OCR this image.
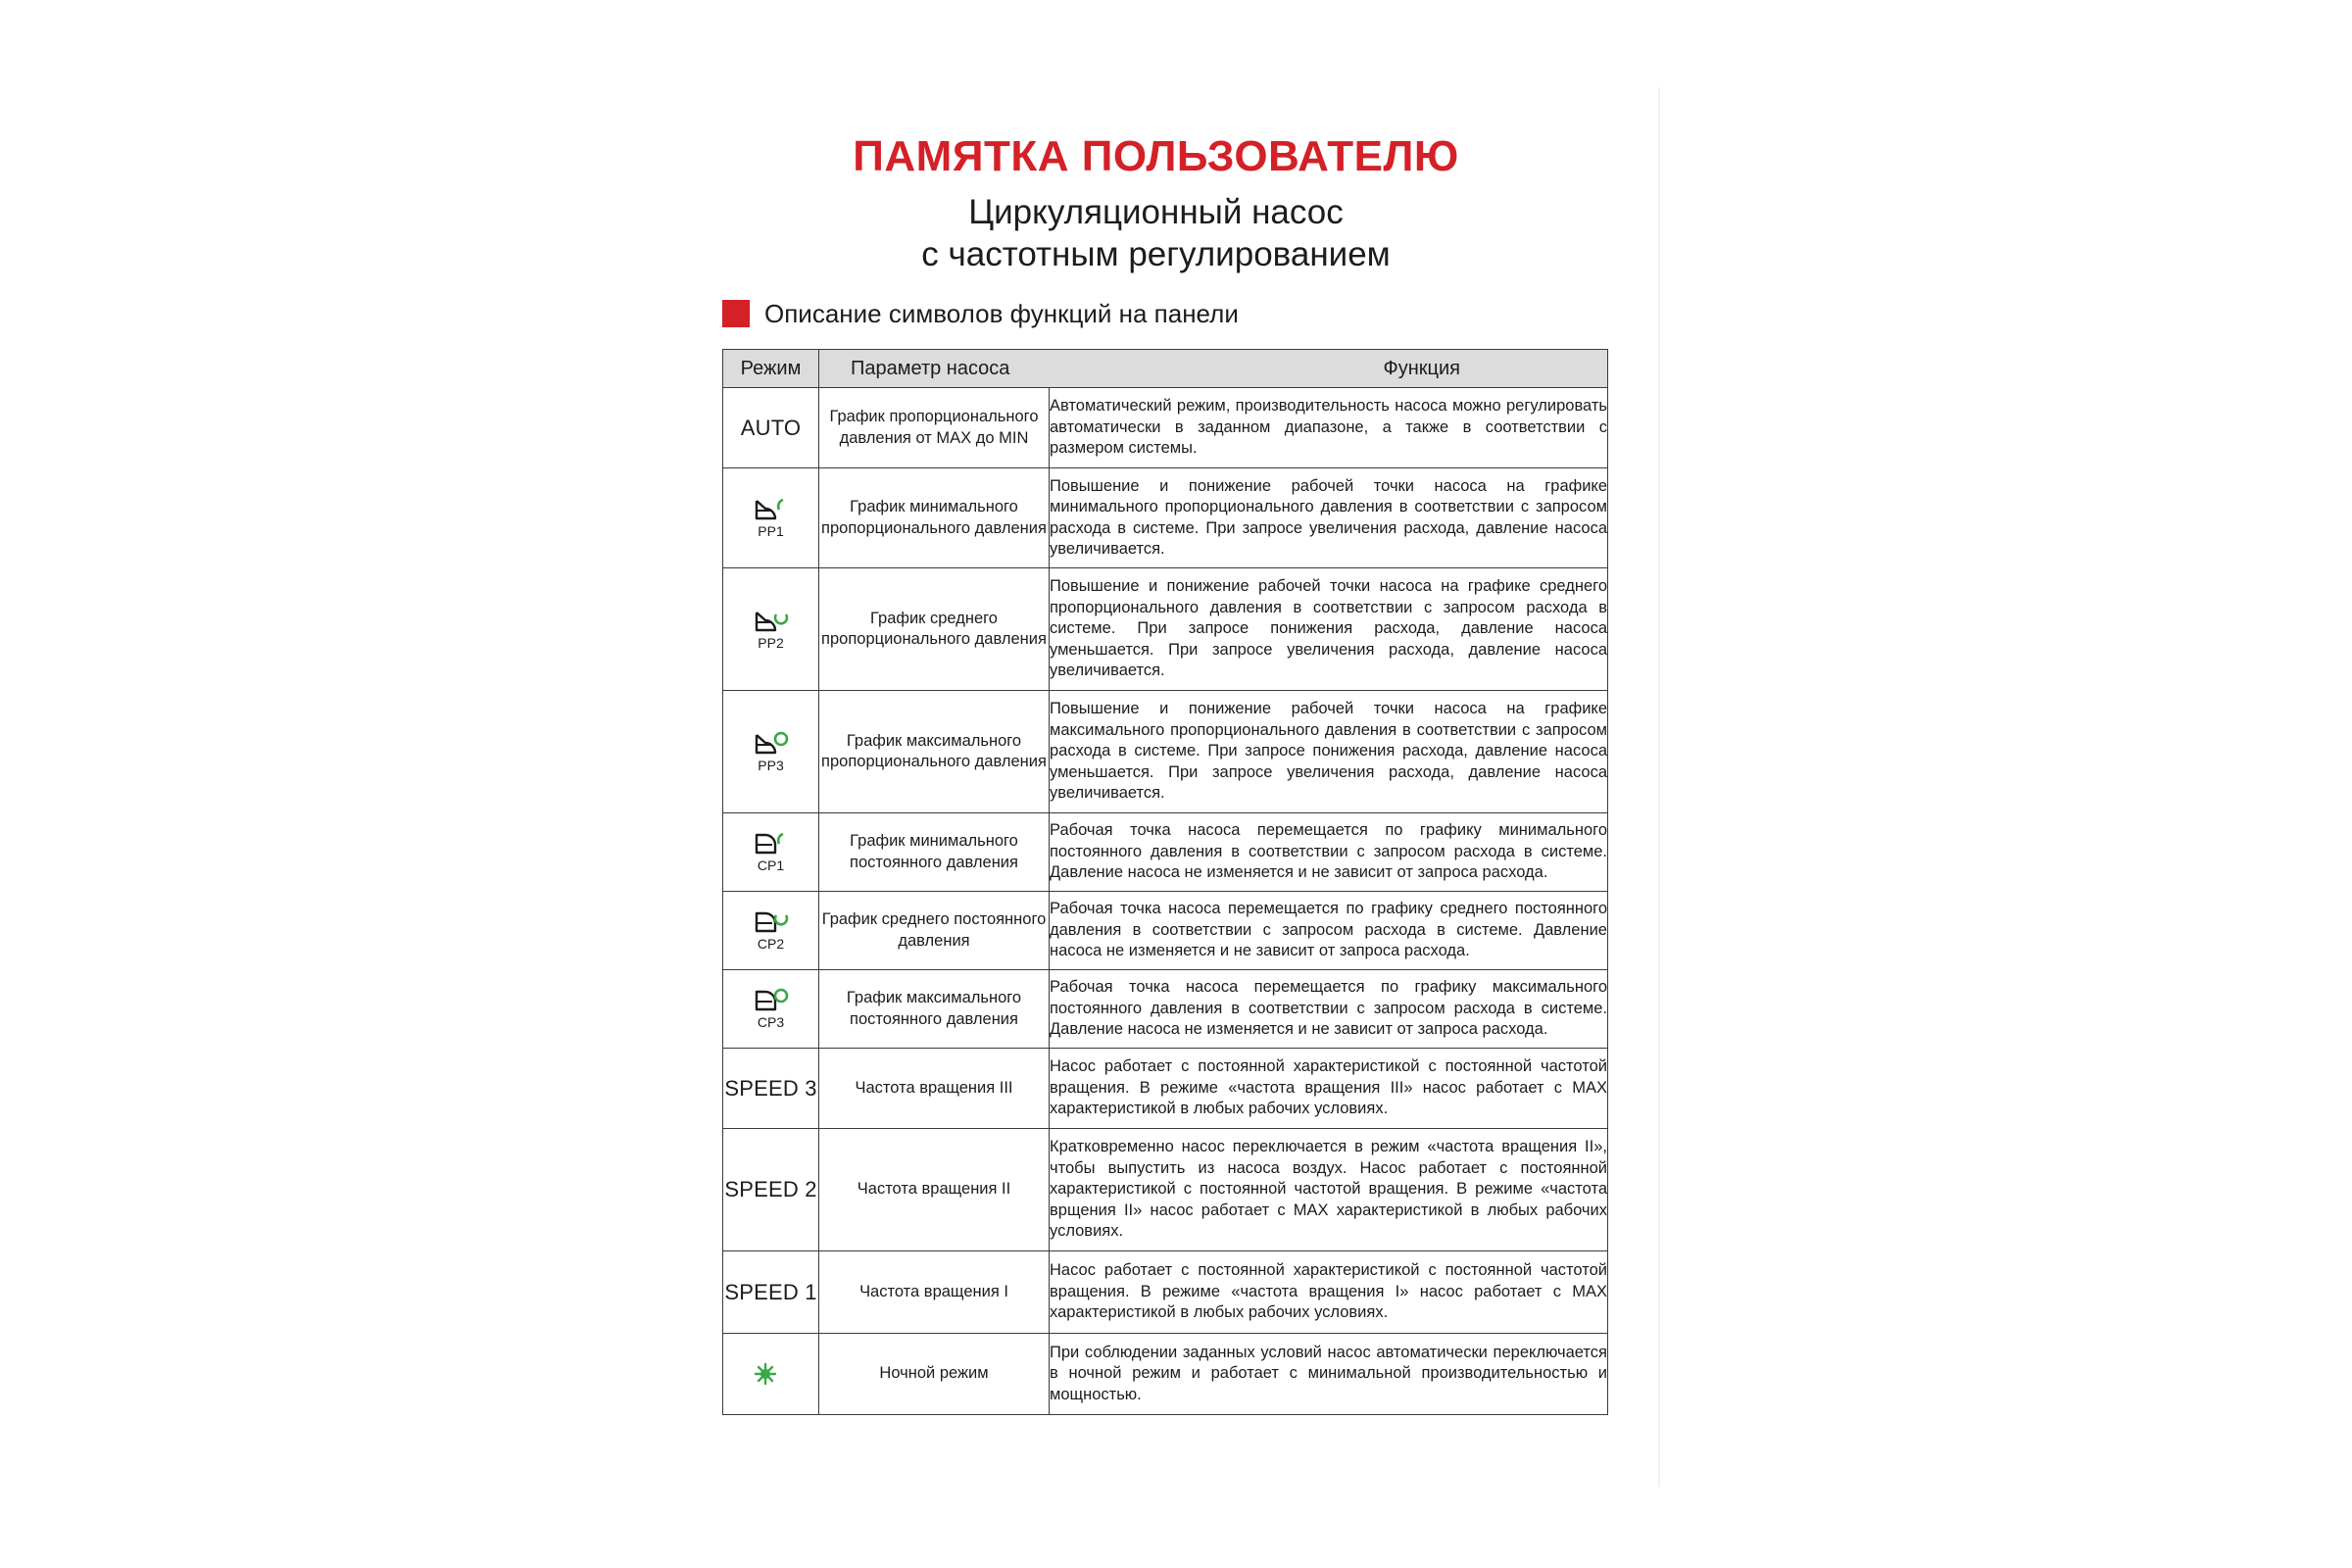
ПАМЯТКА ПОЛЬЗОВАТЕЛЮ
Циркуляционный насос
с частотным регулированием
Описание символов функций на панели
Режим	Параметр насоса Функция	

AUTO	График пропорционального давления от MAX до MIN	Автоматический режим, производительность насоса можно регулировать автоматически в заданном диапазоне, а также в соответствии с размером системы.

PP1	График минимального пропорционального давления	Повышение и понижение рабочей точки насоса на графике минимального пропорционального давления в соответствии с запросом расхода в системе. При запросе увеличения расхода, давление насоса увеличивается.

PP2	График среднего пропорционального давления	Повышение и понижение рабочей точки насоса на графике среднего пропорционального давления в соответствии с запросом расхода в системе. При запросе понижения расхода, давление насоса уменьшается. При запросе увеличения расхода, давление насоса увеличивается.

PP3	График максимального пропорционального давления	Повышение и понижение рабочей точки насоса на графике максимального пропорционального давления в соответствии с запросом расхода в системе. При запросе понижения расхода, давление насоса уменьшается. При запросе увеличения расхода, давление насоса увеличивается.

CP1	График минимального постоянного давления	Рабочая точка насоса перемещается по графику минимального постоянного давления в соответствии с запросом расхода в системе. Давление насоса не изменяется и не зависит от запроса расхода.

CP2	График среднего постоянного давления	Рабочая точка насоса перемещается по графику среднего постоянного давления в соответствии с запросом расхода в системе. Давление насоса не изменяется и не зависит от запроса расхода.

CP3	График максимального постоянного давления	Рабочая точка насоса перемещается по графику максимального постоянного давления в соответствии с запросом расхода в системе. Давление насоса не изменяется и не зависит от запроса расхода.
SPEED 3	Частота вращения III	Насос работает с постоянной характеристикой с постоянной частотой вращения. В режиме «частота вращения III» насос работает с MAX характеристикой в любых рабочих условиях.
SPEED 2	Частота вращения II	Кратковременно насос переключается в режим «частота вращения II», чтобы выпустить из насоса воздух. Насос работает с постоянной характеристикой с постоянной частотой вращения. В режиме «частота врщения II» насос работает с MAX характеристикой в любых рабочих условиях.
SPEED 1	Частота вращения I	Насос работает с постоянной характеристикой с постоянной частотой вращения. В режиме «частота вращения I» насос работает с MAX характеристикой в любых рабочих условиях.
	Ночной режим	При соблюдении заданных условий насос автоматически переключается в ночной режим и работает с минимальной производительностью и мощностью.
